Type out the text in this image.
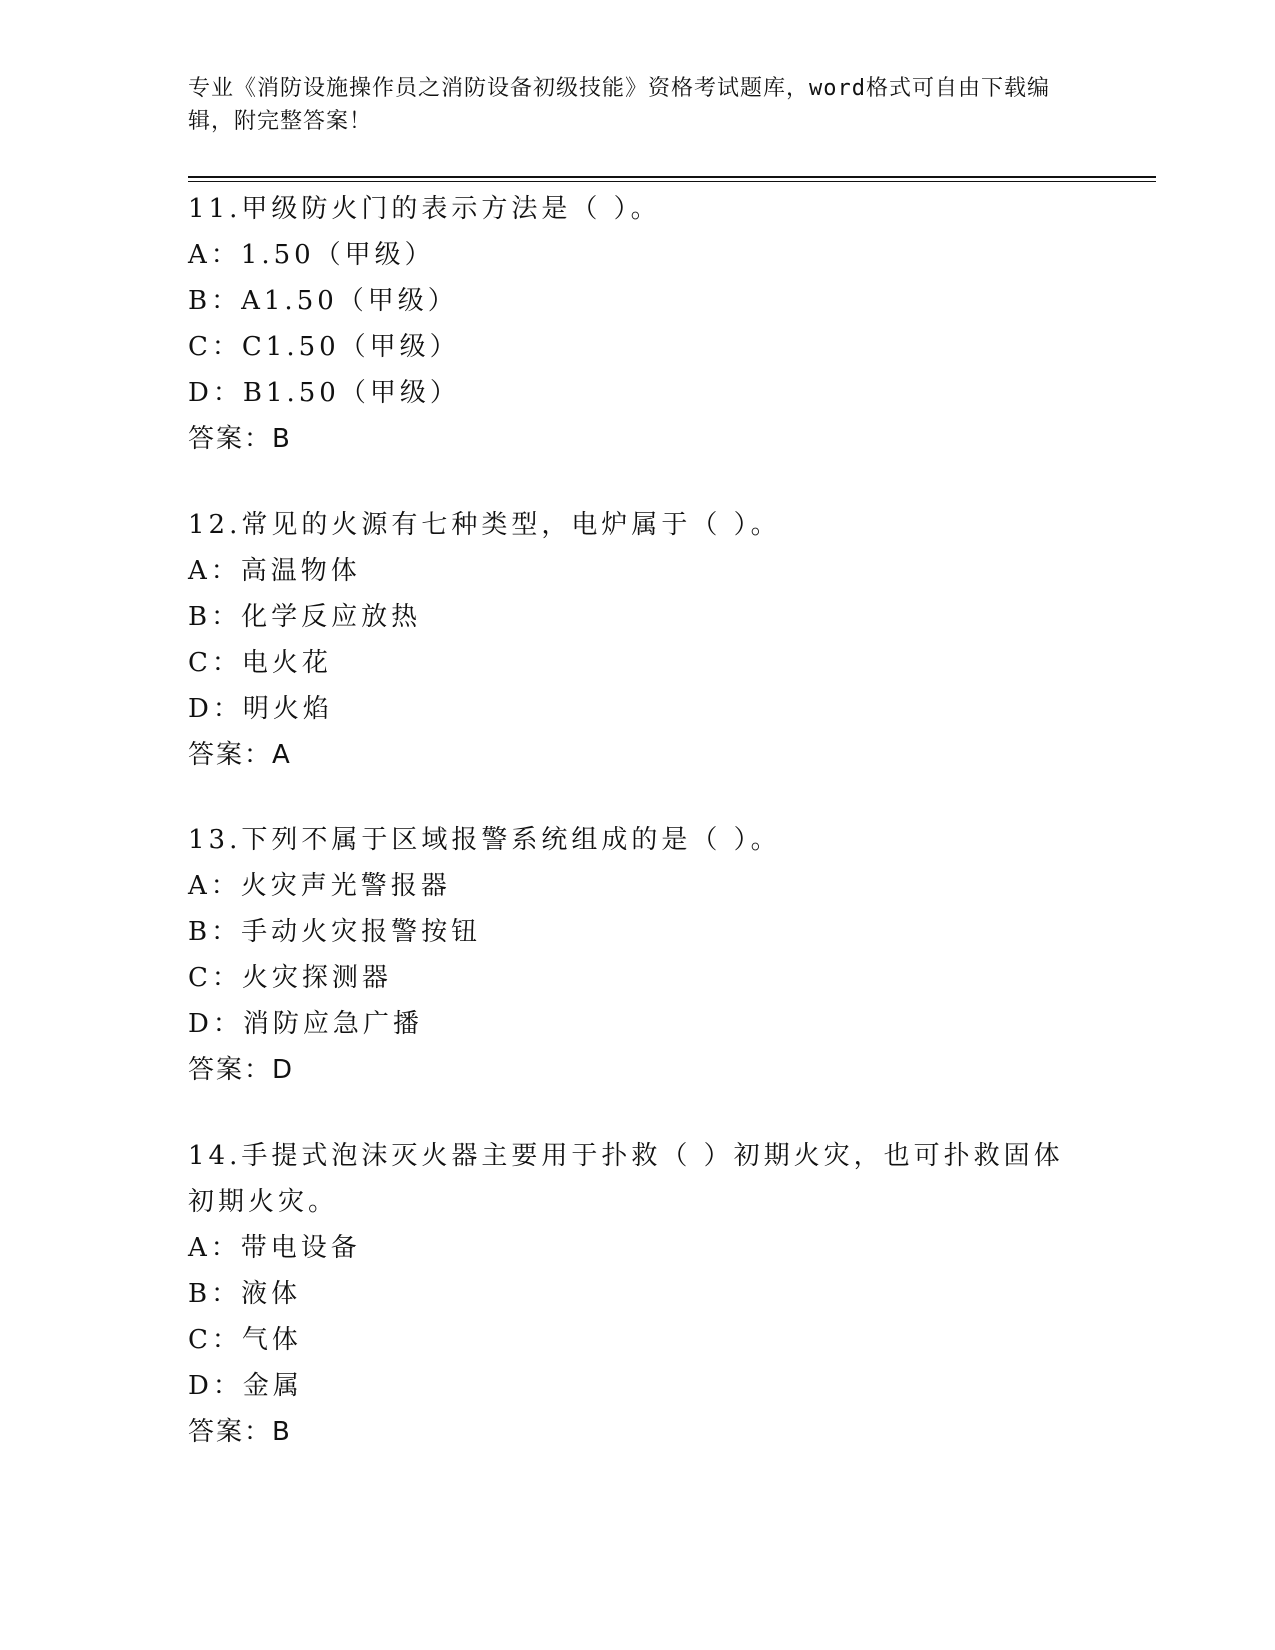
专业《消防设施操作员之消防设备初级技能》资格考试题库，word格式可自由下载编辑，附完整答案！

11.甲级防火门的表示方法是（ ）。

A：1.50（甲级）

B：A1.50（甲级）

C：C1.50（甲级）

D：B1.50（甲级）

答案：B

12.常见的火源有七种类型，电炉属于（ ）。

A：高温物体

B：化学反应放热

C：电火花

D：明火焰

答案：A

13.下列不属于区域报警系统组成的是（ ）。

A：火灾声光警报器

B：手动火灾报警按钮

C：火灾探测器

D：消防应急广播

答案：D

14.手提式泡沫灭火器主要用于扑救（ ）初期火灾，也可扑救固体初期火灾。

A：带电设备

B：液体

C：气体

D：金属

答案：B
